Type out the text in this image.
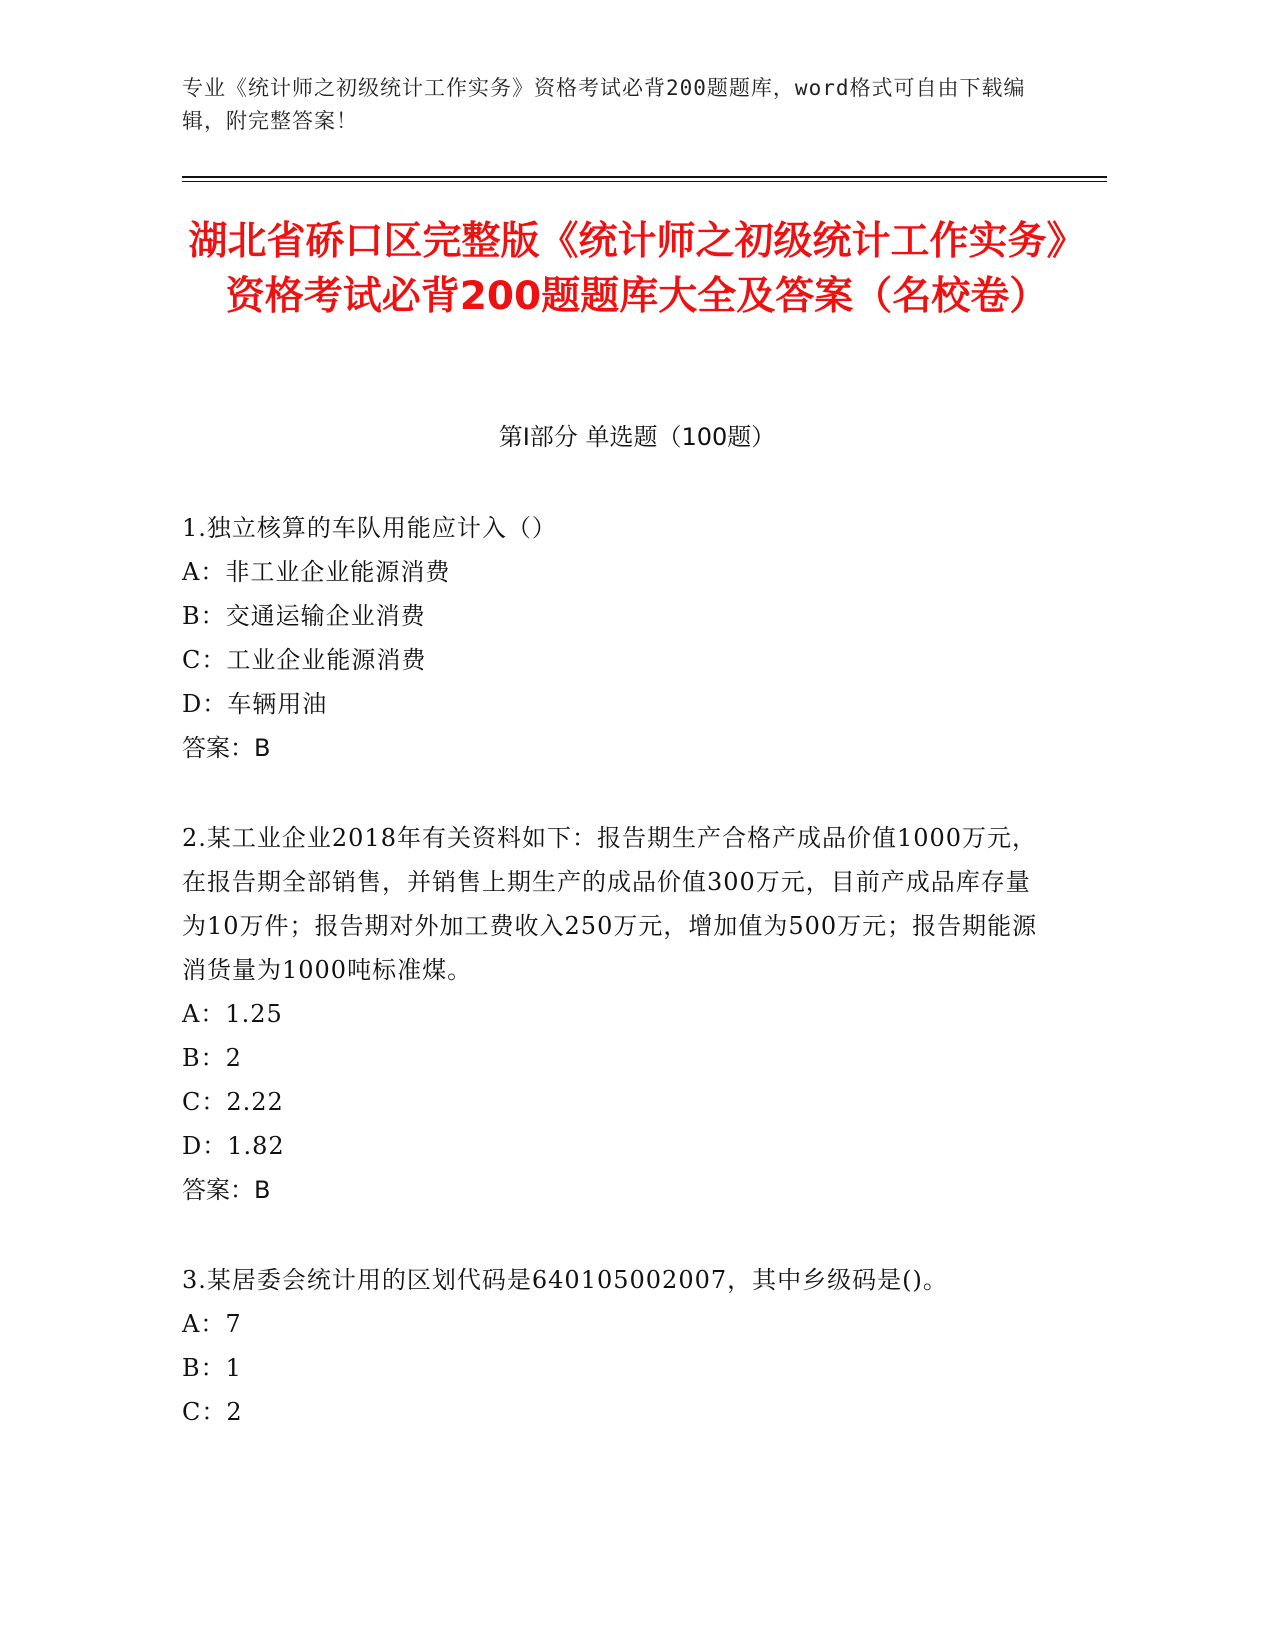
专业《统计师之初级统计工作实务》资格考试必背200题题库，word格式可自由下载编辑，附完整答案！
湖北省硚口区完整版《统计师之初级统计工作实务》资格考试必背200题题库大全及答案（名校卷）
第Ⅰ部分 单选题（100题）
1.独立核算的车队用能应计入（）
A：非工业企业能源消费
B：交通运输企业消费
C：工业企业能源消费
D：车辆用油
答案：B
2.某工业企业2018年有关资料如下：报告期生产合格产成品价值1000万元，在报告期全部销售，并销售上期生产的成品价值300万元，目前产成品库存量为10万件；报告期对外加工费收入250万元，增加值为500万元；报告期能源消货量为1000吨标准煤。
A：1.25
B：2
C：2.22
D：1.82
答案：B
3.某居委会统计用的区划代码是640105002007，其中乡级码是()。
A：7
B：1
C：2
